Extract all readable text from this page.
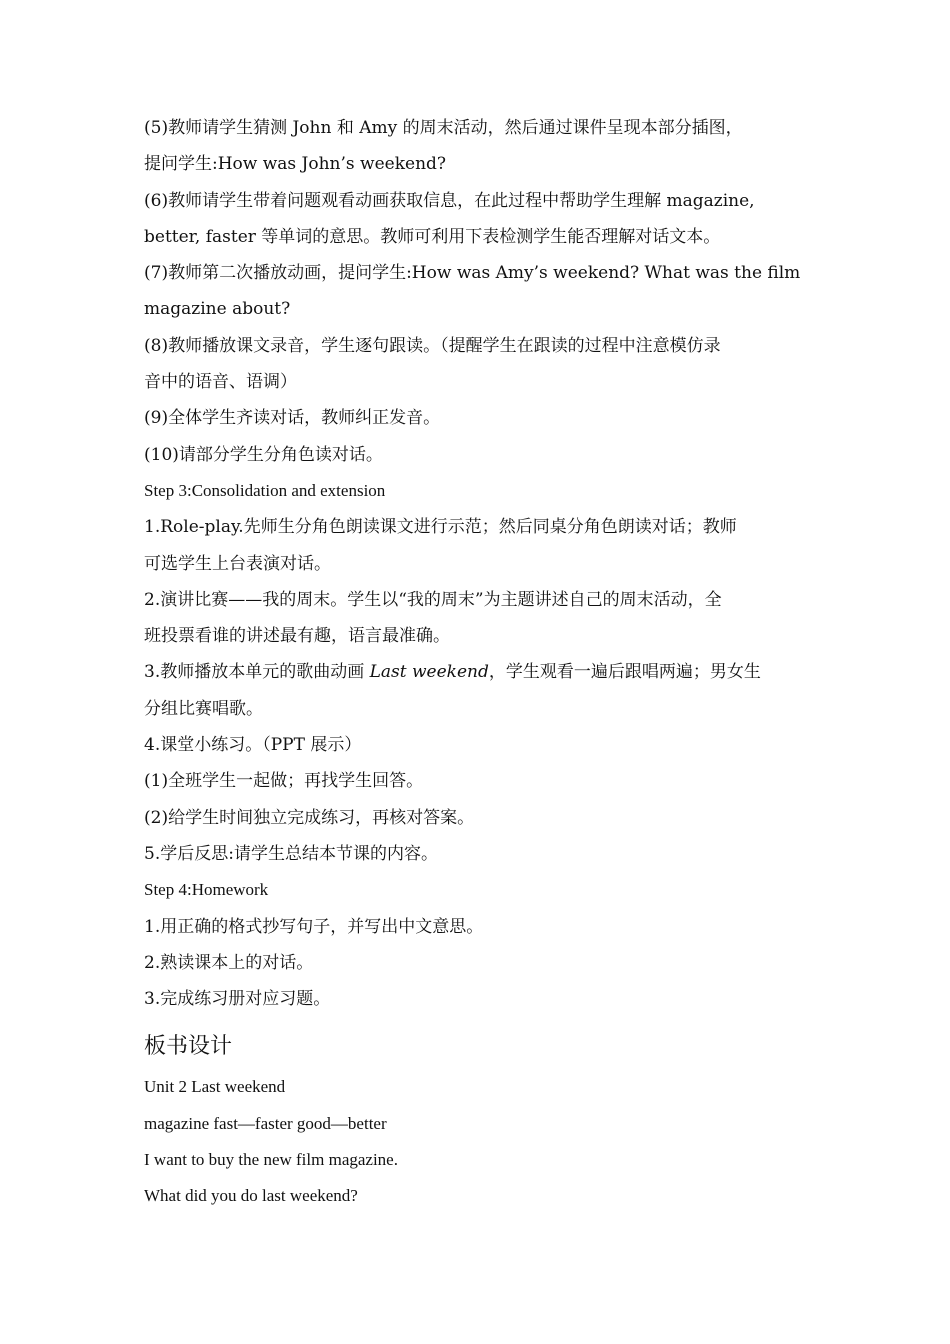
(5)教师请学生猜测 John 和 Amy 的周末活动，然后通过课件呈现本部分插图，
提问学生:How was John’s weekend?
(6)教师请学生带着问题观看动画获取信息，在此过程中帮助学生理解 magazine,
better, faster 等单词的意思。教师可利用下表检测学生能否理解对话文本。
(7)教师第二次播放动画，提问学生:How was Amy’s weekend? What was the film
magazine about?
(8)教师播放课文录音，学生逐句跟读。（提醒学生在跟读的过程中注意模仿录
音中的语音、语调）
(9)全体学生齐读对话，教师纠正发音。
(10)请部分学生分角色读对话。
Step 3:Consolidation and extension
1.Role-play.先师生分角色朗读课文进行示范；然后同桌分角色朗读对话；教师
可选学生上台表演对话。
2.演讲比赛——我的周末。学生以“我的周末”为主题讲述自己的周末活动，全
班投票看谁的讲述最有趣，语言最准确。
3.教师播放本单元的歌曲动画 Last weekend，学生观看一遍后跟唱两遍；男女生
分组比赛唱歌。
4.课堂小练习。（PPT 展示）
(1)全班学生一起做；再找学生回答。
(2)给学生时间独立完成练习，再核对答案。
5.学后反思:请学生总结本节课的内容。
Step 4:Homework
1.用正确的格式抄写句子，并写出中文意思。
2.熟读课本上的对话。
3.完成练习册对应习题。
板书设计
Unit 2 Last weekend
magazine fast—faster good—better
I want to buy the new film magazine.
What did you do last weekend?
